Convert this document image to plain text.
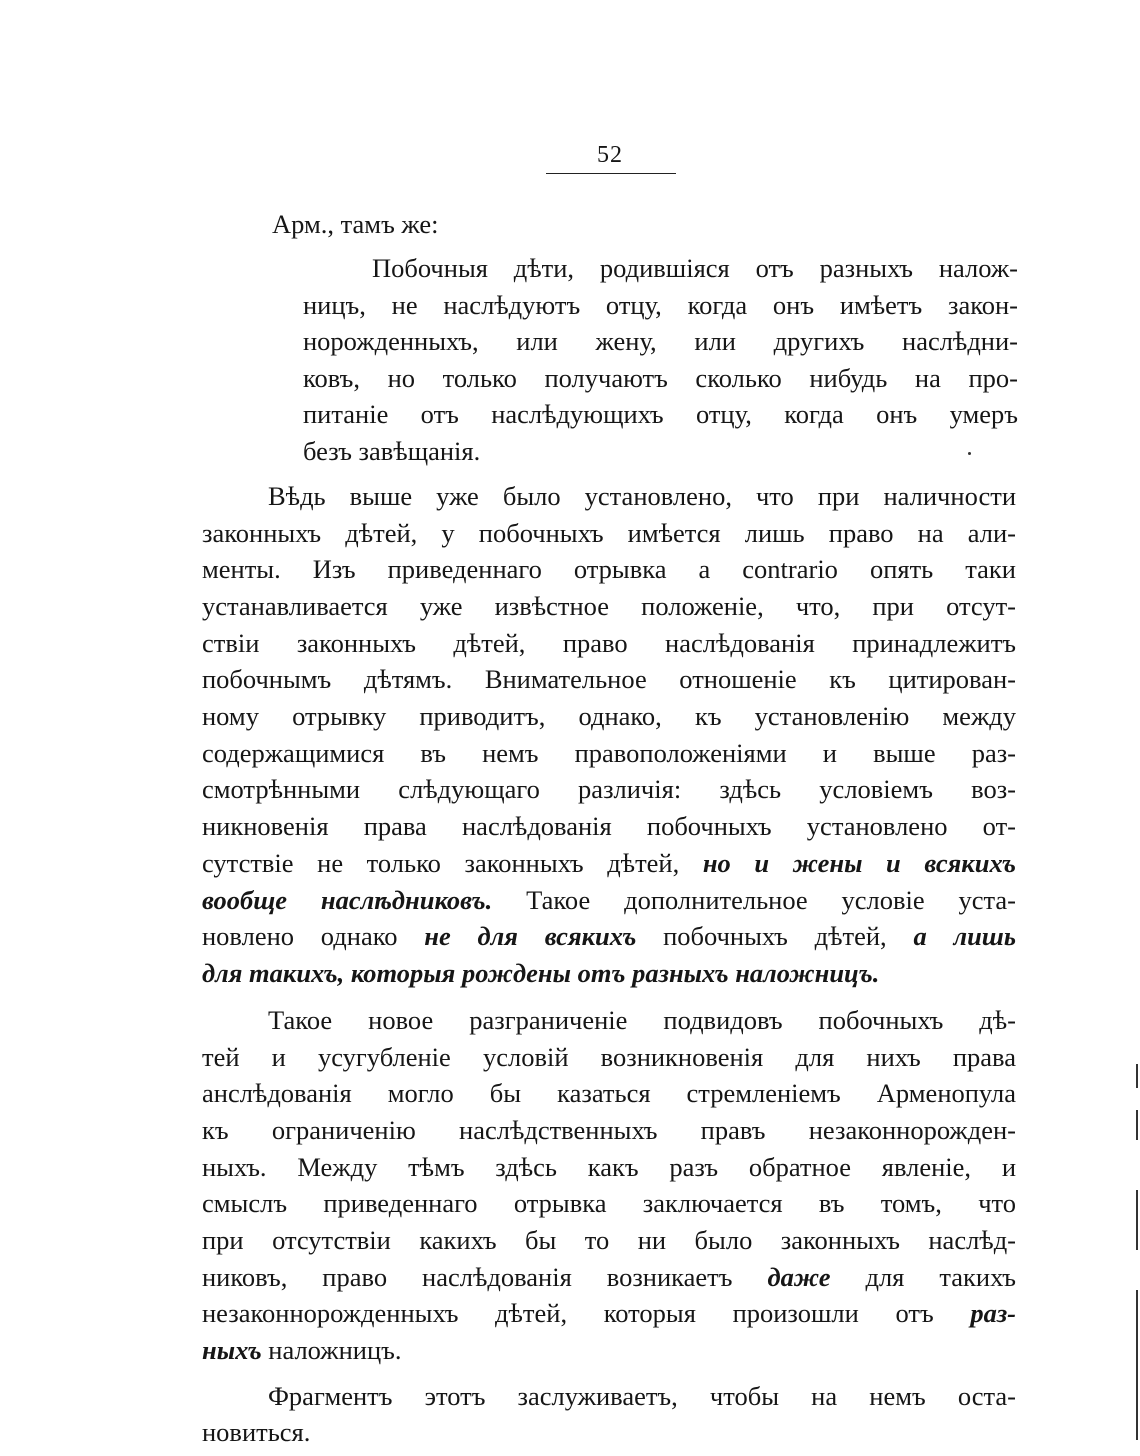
52
Арм., тамъ же:
Побочныя дѣти, родившіяся отъ разныхъ налож-
ницъ, не наслѣдуютъ отцу, когда онъ имѣетъ закон-
норожденныхъ, или жену, или другихъ наслѣдни-
ковъ, но только получаютъ сколько нибудь на про-
питаніе отъ наслѣдующихъ отцу, когда онъ умеръ
безъ завѣщанія.
Вѣдь выше уже было установлено, что при наличности
законныхъ дѣтей, у побочныхъ имѣется лишь право на али-
менты. Изъ приведеннаго отрывка a contrario опять таки
устанавливается уже извѣстное положеніе, что, при отсут-
ствіи законныхъ дѣтей, право наслѣдованія принадлежитъ
побочнымъ дѣтямъ. Внимательное отношеніе къ цитирован-
ному отрывку приводитъ, однако, къ установленію между
содержащимися въ немъ правоположеніями и выше раз-
смотрѣнными слѣдующаго различія: здѣсь условіемъ воз-
никновенія права наслѣдованія побочныхъ установлено от-
сутствіе не только законныхъ дѣтей, но и жены и всякихъ
вообще наслѣдниковъ. Такое дополнительное условіе уста-
новлено однако не для всякихъ побочныхъ дѣтей, а лишь
для такихъ, которыя рождены отъ разныхъ наложницъ.
Такое новое разграниченіе подвидовъ побочныхъ дѣ-
тей и усугубленіе условій возникновенія для нихъ права
анслѣдованія могло бы казаться стремленіемъ Арменопула
къ ограниченію наслѣдственныхъ правъ незаконнорожден-
ныхъ. Между тѣмъ здѣсь какъ разъ обратное явленіе, и
смыслъ приведеннаго отрывка заключается въ томъ, что
при отсутствіи какихъ бы то ни было законныхъ наслѣд-
никовъ, право наслѣдованія возникаетъ даже для такихъ
незаконнорожденныхъ дѣтей, которыя произошли отъ раз-
ныхъ наложницъ.
Фрагментъ этотъ заслуживаетъ, чтобы на немъ оста-
новиться.
